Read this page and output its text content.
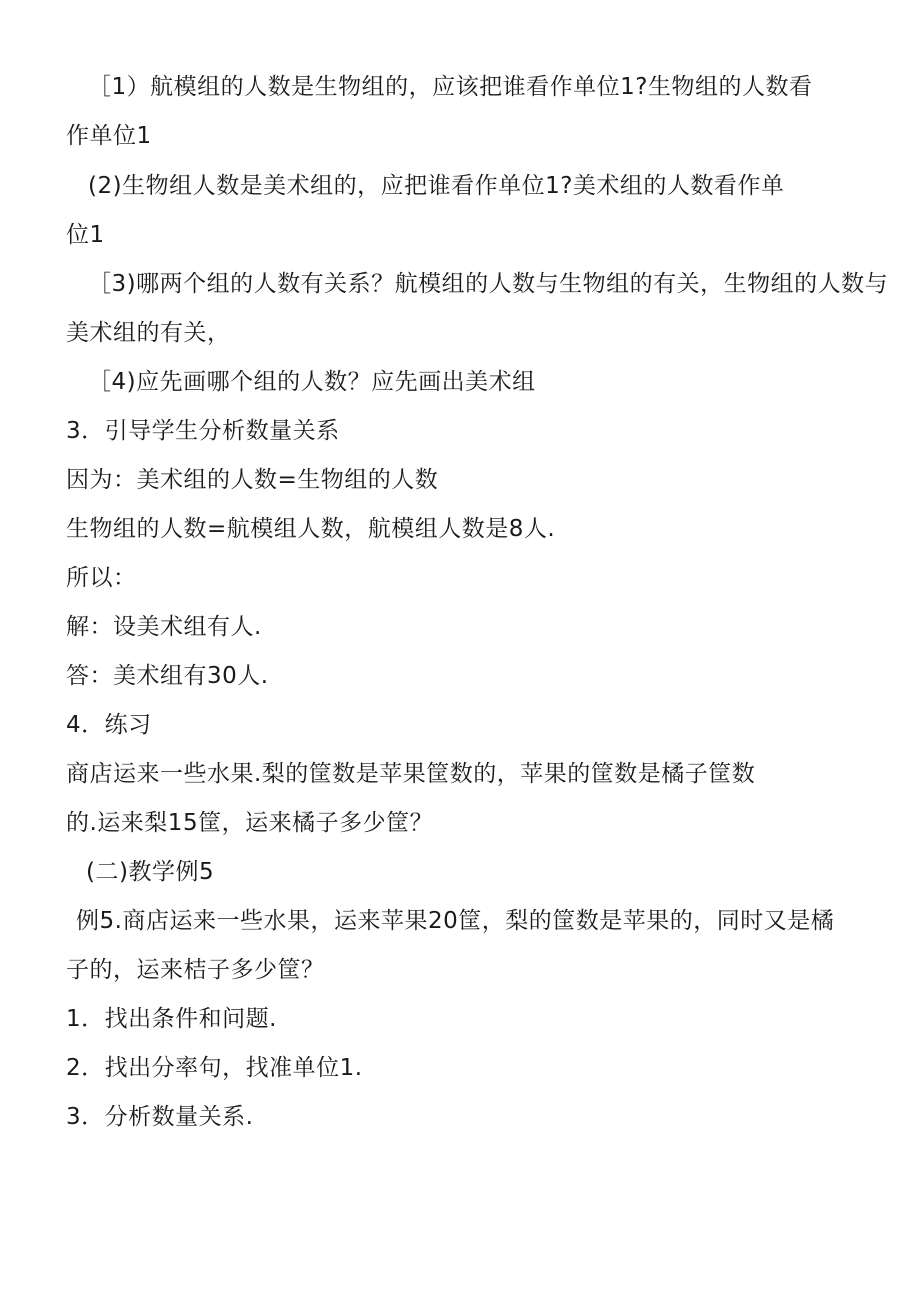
［1）航模组的人数是生物组的，应该把谁看作单位1?生物组的人数看
作单位1
(2)生物组人数是美术组的，应把谁看作单位1?美术组的人数看作单
位1
［3)哪两个组的人数有关系？航模组的人数与生物组的有关，生物组的人数与
美术组的有关，
［4)应先画哪个组的人数？应先画出美术组
3．引导学生分析数量关系
因为：美术组的人数=生物组的人数
生物组的人数=航模组人数，航模组人数是8人.
所以：
解：设美术组有人.
答：美术组有30人.
4．练习
商店运来一些水果.梨的筐数是苹果筐数的，苹果的筐数是橘子筐数
的.运来梨15筐，运来橘子多少筐？
(二)教学例5
例5.商店运来一些水果，运来苹果20筐，梨的筐数是苹果的，同时又是橘
子的，运来桔子多少筐？
1．找出条件和问题.
2．找出分率句，找准单位1.
3．分析数量关系.
